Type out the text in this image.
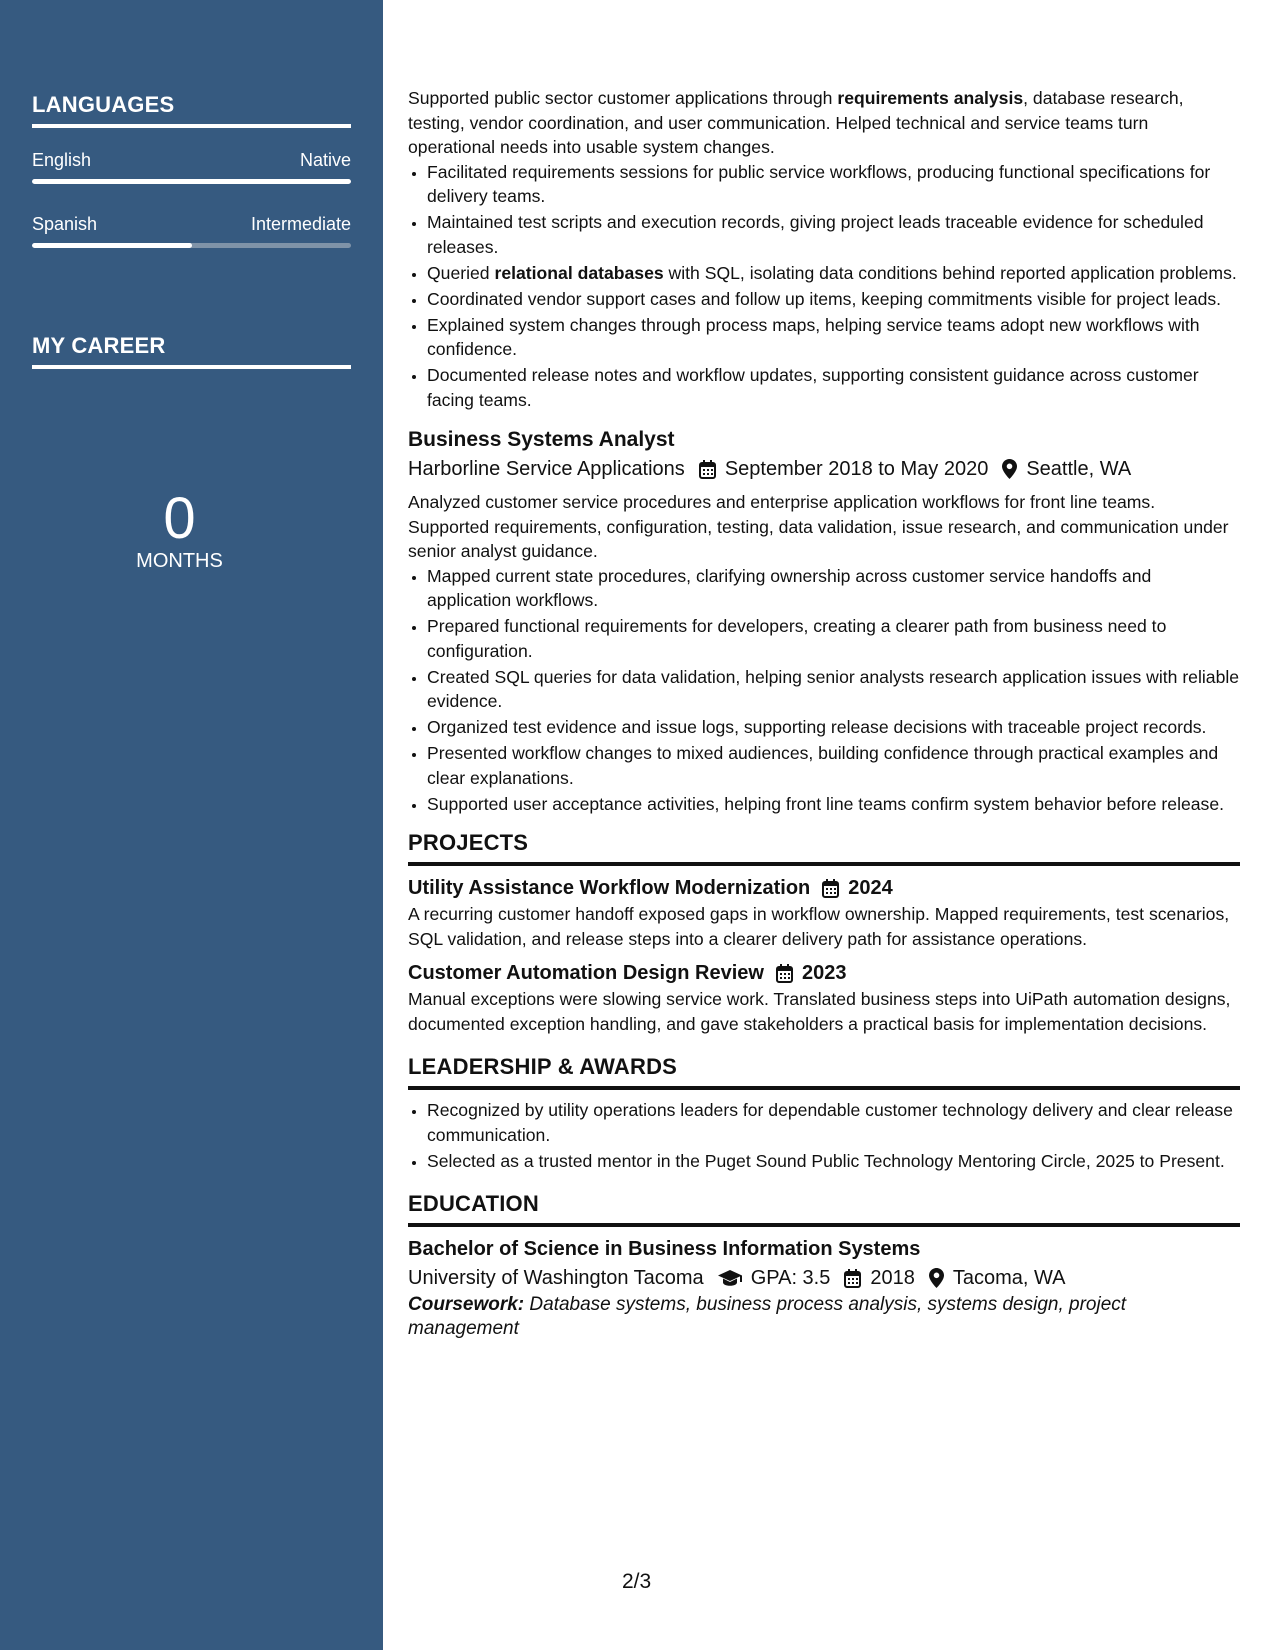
LANGUAGES
English	Native
Spanish	Intermediate
MY CAREER
0
MONTHS

Supported public sector customer applications through requirements analysis, database research, testing, vendor coordination, and user communication. Helped technical and service teams turn operational needs into usable system changes.

• Facilitated requirements sessions for public service workflows, producing functional specifications for delivery teams.
• Maintained test scripts and execution records, giving project leads traceable evidence for scheduled releases.
• Queried relational databases with SQL, isolating data conditions behind reported application problems.
• Coordinated vendor support cases and follow up items, keeping commitments visible for project leads.
• Explained system changes through process maps, helping service teams adopt new workflows with confidence.
• Documented release notes and workflow updates, supporting consistent guidance across customer facing teams.
Business Systems Analyst
Harborline Service Applications September 2018 to May 2020 Seattle, WA

Analyzed customer service procedures and enterprise application workflows for front line teams. Supported requirements, configuration, testing, data validation, issue research, and communication under senior analyst guidance.

• Mapped current state procedures, clarifying ownership across customer service handoffs and application workflows.
• Prepared functional requirements for developers, creating a clearer path from business need to configuration.
• Created SQL queries for data validation, helping senior analysts research application issues with reliable evidence.
• Organized test evidence and issue logs, supporting release decisions with traceable project records.
• Presented workflow changes to mixed audiences, building confidence through practical examples and clear explanations.
• Supported user acceptance activities, helping front line teams confirm system behavior before release.
PROJECTS
Utility Assistance Workflow Modernization 2024

A recurring customer handoff exposed gaps in workflow ownership. Mapped requirements, test scenarios, SQL validation, and release steps into a clearer delivery path for assistance operations.

Customer Automation Design Review 2023

Manual exceptions were slowing service work. Translated business steps into UiPath automation designs, documented exception handling, and gave stakeholders a practical basis for implementation decisions.

LEADERSHIP & AWARDS
• Recognized by utility operations leaders for dependable customer technology delivery and clear release communication.
• Selected as a trusted mentor in the Puget Sound Public Technology Mentoring Circle, 2025 to Present.
EDUCATION
Bachelor of Science in Business Information Systems
University of Washington Tacoma GPA: 3.5 2018 Tacoma, WA

Coursework: Database systems, business process analysis, systems design, project management

2/3
